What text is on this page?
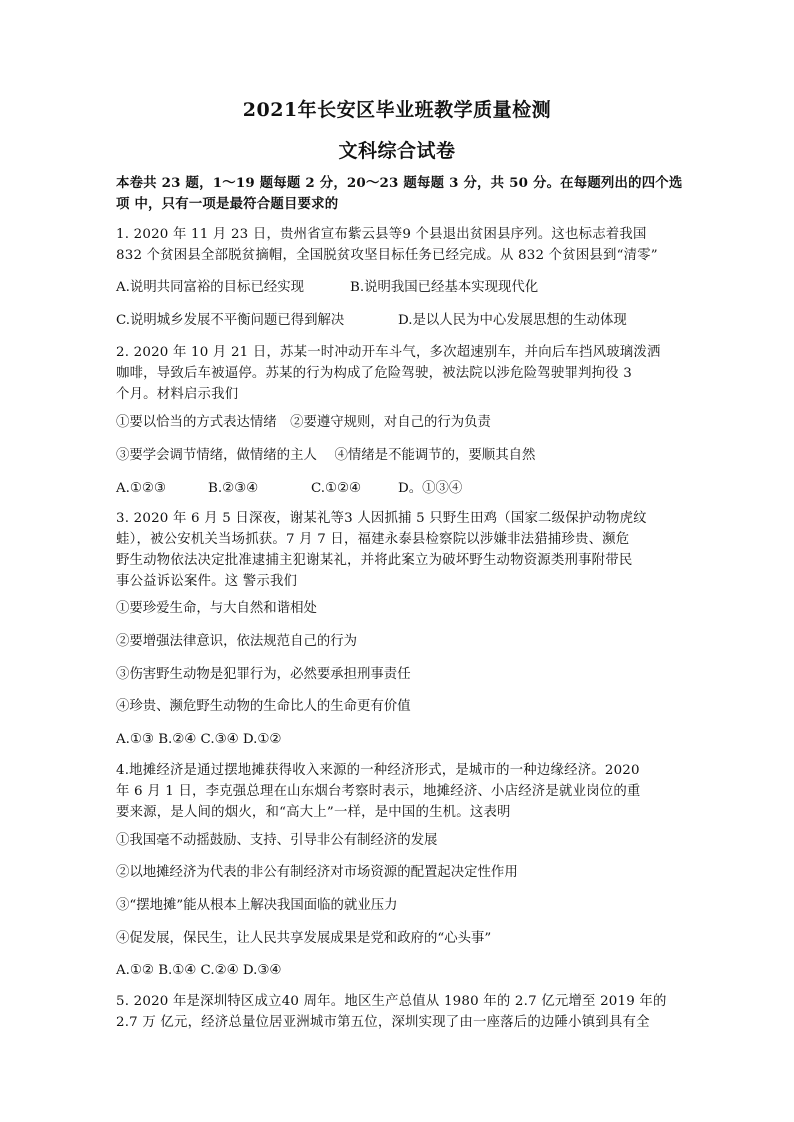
2021年长安区毕业班教学质量检测
文科综合试卷
本卷共 23 题，1～19 题每题 2 分，20～23 题每题 3 分，共 50 分。在每题列出的四个选
项 中，只有一项是最符合题目要求的
1. 2020 年 11 月 23 日，贵州省宣布紫云县等9 个县退出贫困县序列。这也标志着我国
832 个贫困县全部脱贫摘帽，全国脱贫攻坚目标任务已经完成。从 832 个贫困县到“清零”
A.说明共同富裕的目标已经实现	B.说明我国已经基本实现现代化
C.说明城乡发展不平衡问题已得到解决	D.是以人民为中心发展思想的生动体现
2. 2020 年 10 月 21 日，苏某一时冲动开车斗气，多次超速别车，并向后车挡风玻璃泼洒
咖啡，导致后车被逼停。苏某的行为构成了危险驾驶，被法院以涉危险驾驶罪判拘役 3
个月。材料启示我们
①要以恰当的方式表达情绪　②要遵守规则，对自己的行为负责
③要学会调节情绪，做情绪的主人　 ④情绪是不能调节的，要顺其自然
A.①②③	B.②③④	C.①②④	D。①③④
3. 2020 年 6 月 5 日深夜，谢某礼等3 人因抓捕 5 只野生田鸡（国家二级保护动物虎纹
蛙），被公安机关当场抓获。7 月 7 日，福建永泰县检察院以涉嫌非法猎捕珍贵、濒危
野生动物依法决定批准逮捕主犯谢某礼，并将此案立为破坏野生动物资源类刑事附带民
事公益诉讼案件。这 警示我们
①要珍爱生命，与大自然和谐相处
②要增强法律意识，依法规范自己的行为
③伤害野生动物是犯罪行为，必然要承担刑事责任
④珍贵、濒危野生动物的生命比人的生命更有价值
A.①③ B.②④ C.③④ D.①②
4.地摊经济是通过摆地摊获得收入来源的一种经济形式，是城市的一种边缘经济。2020
年 6 月 1 日，李克强总理在山东烟台考察时表示，地摊经济、小店经济是就业岗位的重
要来源，是人间的烟火，和“高大上”一样，是中国的生机。这表明
①我国毫不动摇鼓励、支持、引导非公有制经济的发展
②以地摊经济为代表的非公有制经济对市场资源的配置起决定性作用
③“摆地摊”能从根本上解决我国面临的就业压力
④促发展，保民生，让人民共享发展成果是党和政府的“心头事”
A.①② B.①④ C.②④ D.③④
5. 2020 年是深圳特区成立40 周年。地区生产总值从 1980 年的 2.7 亿元增至 2019 年的
2.7 万 亿元，经济总量位居亚洲城市第五位，深圳实现了由一座落后的边陲小镇到具有全
